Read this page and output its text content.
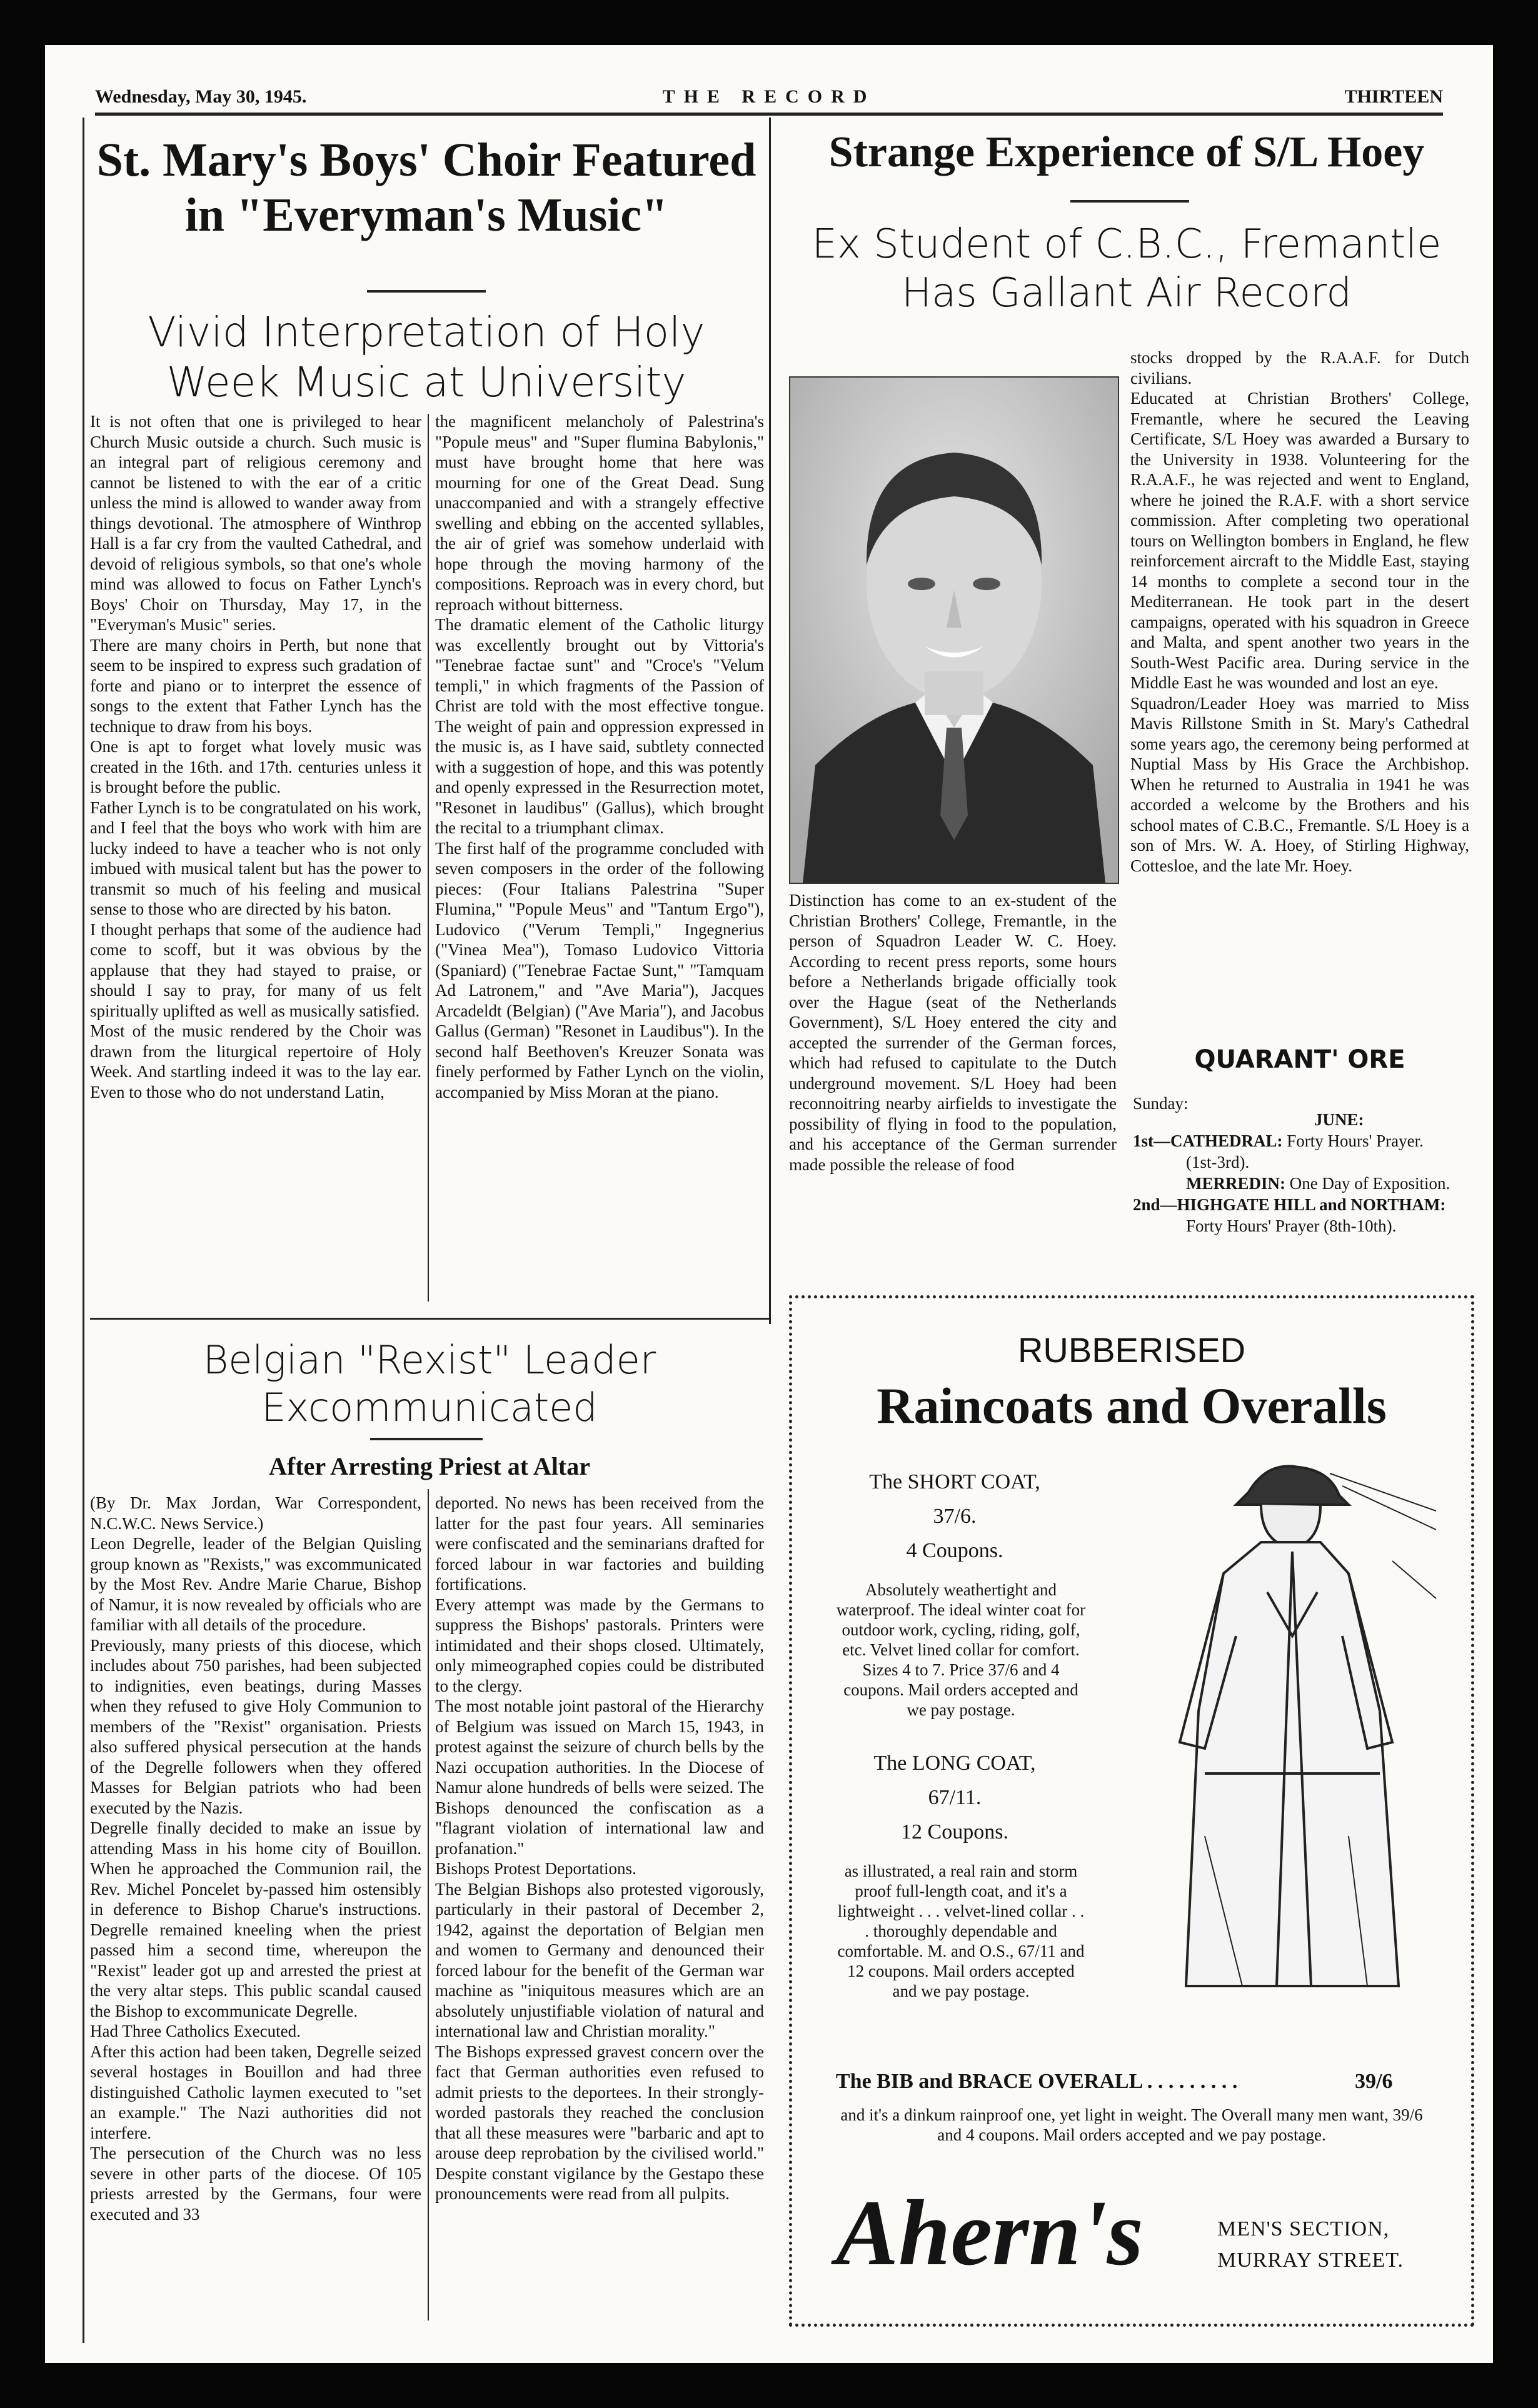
Wednesday, May 30, 1945.	THE RECORD	THIRTEEN
St. Mary's Boys' Choir Featured in "Everyman's Music"
Vivid Interpretation of Holy Week Music at University
It is not often that one is privileged to hear Church Music outside a church. Such music is an integral part of religious ceremony and cannot be listened to with the ear of a critic unless the mind is allowed to wander away from things devotional. The atmosphere of Winthrop Hall is a far cry from the vaulted Cathedral, and devoid of religious symbols, so that one's whole mind was allowed to focus on Father Lynch's Boys' Choir on Thursday, May 17, in the "Everyman's Music" series.
There are many choirs in Perth, but none that seem to be inspired to express such gradation of forte and piano or to interpret the essence of songs to the extent that Father Lynch has the technique to draw from his boys.
One is apt to forget what lovely music was created in the 16th. and 17th. centuries unless it is brought before the public.
Father Lynch is to be congratulated on his work, and I feel that the boys who work with him are lucky indeed to have a teacher who is not only imbued with musical talent but has the power to transmit so much of his feeling and musical sense to those who are directed by his baton.
I thought perhaps that some of the audience had come to scoff, but it was obvious by the applause that they had stayed to praise, or should I say to pray, for many of us felt spiritually uplifted as well as musically satisfied.
Most of the music rendered by the Choir was drawn from the liturgical repertoire of Holy Week. And startling indeed it was to the lay ear. Even to those who do not understand Latin,
the magnificent melancholy of Palestrina's "Popule meus" and "Super flumina Babylonis," must have brought home that here was mourning for one of the Great Dead. Sung unaccompanied and with a strangely effective swelling and ebbing on the accented syllables, the air of grief was somehow underlaid with hope through the moving harmony of the compositions. Reproach was in every chord, but reproach without bitterness.
The dramatic element of the Catholic liturgy was excellently brought out by Vittoria's "Tenebrae factae sunt" and "Croce's "Velum templi," in which fragments of the Passion of Christ are told with the most effective tongue. The weight of pain and oppression expressed in the music is, as I have said, subtlety connected with a suggestion of hope, and this was potently and openly expressed in the Resurrection motet, "Resonet in laudibus" (Gallus), which brought the recital to a triumphant climax.
The first half of the programme concluded with seven composers in the order of the following pieces: (Four Italians Palestrina "Super Flumina," "Popule Meus" and "Tantum Ergo"), Ludovico ("Verum Templi," Ingegnerius ("Vinea Mea"), Tomaso Ludovico Vittoria (Spaniard) ("Tenebrae Factae Sunt," "Tamquam Ad Latronem," and "Ave Maria"), Jacques Arcadeldt (Belgian) ("Ave Maria"), and Jacobus Gallus (German) "Resonet in Laudibus"). In the second half Beethoven's Kreuzer Sonata was finely performed by Father Lynch on the violin, accompanied by Miss Moran at the piano.
Strange Experience of S/L Hoey
Ex Student of C.B.C., Fremantle Has Gallant Air Record
Distinction has come to an ex-student of the Christian Brothers' College, Fremantle, in the person of Squadron Leader W. C. Hoey. According to recent press reports, some hours before a Netherlands brigade officially took over the Hague (seat of the Netherlands Government), S/L Hoey entered the city and accepted the surrender of the German forces, which had refused to capitulate to the Dutch underground movement. S/L Hoey had been reconnoitring nearby airfields to investigate the possibility of flying in food to the population, and his acceptance of the German surrender made possible the release of food
stocks dropped by the R.A.A.F. for Dutch civilians.
Educated at Christian Brothers' College, Fremantle, where he secured the Leaving Certificate, S/L Hoey was awarded a Bursary to the University in 1938. Volunteering for the R.A.A.F., he was rejected and went to England, where he joined the R.A.F. with a short service commission. After completing two operational tours on Wellington bombers in England, he flew reinforcement aircraft to the Middle East, staying 14 months to complete a second tour in the Mediterranean. He took part in the desert campaigns, operated with his squadron in Greece and Malta, and spent another two years in the South-West Pacific area. During service in the Middle East he was wounded and lost an eye.
Squadron/Leader Hoey was married to Miss Mavis Rillstone Smith in St. Mary's Cathedral some years ago, the ceremony being performed at Nuptial Mass by His Grace the Archbishop. When he returned to Australia in 1941 he was accorded a welcome by the Brothers and his school mates of C.B.C., Fremantle. S/L Hoey is a son of Mrs. W. A. Hoey, of Stirling Highway, Cottesloe, and the late Mr. Hoey.
QUARANT' ORE
Sunday:
JUNE:
1st—CATHEDRAL: Forty Hours' Prayer.
(1st-3rd).
MERREDIN: One Day of Exposition.
2nd—HIGHGATE HILL and NORTHAM:
Forty Hours' Prayer (8th-10th).
Belgian "Rexist" Leader Excommunicated
After Arresting Priest at Altar
(By Dr. Max Jordan, War Correspondent, N.C.W.C. News Service.)
Leon Degrelle, leader of the Belgian Quisling group known as "Rexists," was excommunicated by the Most Rev. Andre Marie Charue, Bishop of Namur, it is now revealed by officials who are familiar with all details of the procedure.
Previously, many priests of this diocese, which includes about 750 parishes, had been subjected to indignities, even beatings, during Masses when they refused to give Holy Communion to members of the "Rexist" organisation. Priests also suffered physical persecution at the hands of the Degrelle followers when they offered Masses for Belgian patriots who had been executed by the Nazis.
Degrelle finally decided to make an issue by attending Mass in his home city of Bouillon. When he approached the Communion rail, the Rev. Michel Poncelet by-passed him ostensibly in deference to Bishop Charue's instructions. Degrelle remained kneeling when the priest passed him a second time, whereupon the "Rexist" leader got up and arrested the priest at the very altar steps. This public scandal caused the Bishop to excommunicate Degrelle.
Had Three Catholics Executed.
After this action had been taken, Degrelle seized several hostages in Bouillon and had three distinguished Catholic laymen executed to "set an example." The Nazi authorities did not interfere.
The persecution of the Church was no less severe in other parts of the diocese. Of 105 priests arrested by the Germans, four were executed and 33
deported. No news has been received from the latter for the past four years. All seminaries were confiscated and the seminarians drafted for forced labour in war factories and building fortifications.
Every attempt was made by the Germans to suppress the Bishops' pastorals. Printers were intimidated and their shops closed. Ultimately, only mimeographed copies could be distributed to the clergy.
The most notable joint pastoral of the Hierarchy of Belgium was issued on March 15, 1943, in protest against the seizure of church bells by the Nazi occupation authorities. In the Diocese of Namur alone hundreds of bells were seized. The Bishops denounced the confiscation as a "flagrant violation of international law and profanation."
Bishops Protest Deportations.
The Belgian Bishops also protested vigorously, particularly in their pastoral of December 2, 1942, against the deportation of Belgian men and women to Germany and denounced their forced labour for the benefit of the German war machine as "iniquitous measures which are an absolutely unjustifiable violation of natural and international law and Christian morality."
The Bishops expressed gravest concern over the fact that German authorities even refused to admit priests to the deportees. In their strongly-worded pastorals they reached the conclusion that all these measures were "barbaric and apt to arouse deep reprobation by the civilised world." Despite constant vigilance by the Gestapo these pronouncements were read from all pulpits.
RUBBERISED
Raincoats and Overalls
The SHORT COAT,
37/6.
4 Coupons.
Absolutely weathertight and waterproof. The ideal winter coat for outdoor work, cycling, riding, golf, etc. Velvet lined collar for comfort. Sizes 4 to 7. Price 37/6 and 4 coupons. Mail orders accepted and we pay postage.
The LONG COAT,
67/11.
12 Coupons.
as illustrated, a real rain and storm proof full-length coat, and it's a lightweight . . . velvet-lined collar . . . thoroughly dependable and comfortable. M. and O.S., 67/11 and 12 coupons. Mail orders accepted and we pay postage.
The BIB and BRACE OVERALL . . . . . . . . .	39/6
and it's a dinkum rainproof one, yet light in weight. The Overall many men want, 39/6 and 4 coupons. Mail orders accepted and we pay postage.
Ahern's	MEN'S SECTION,
MURRAY STREET.
